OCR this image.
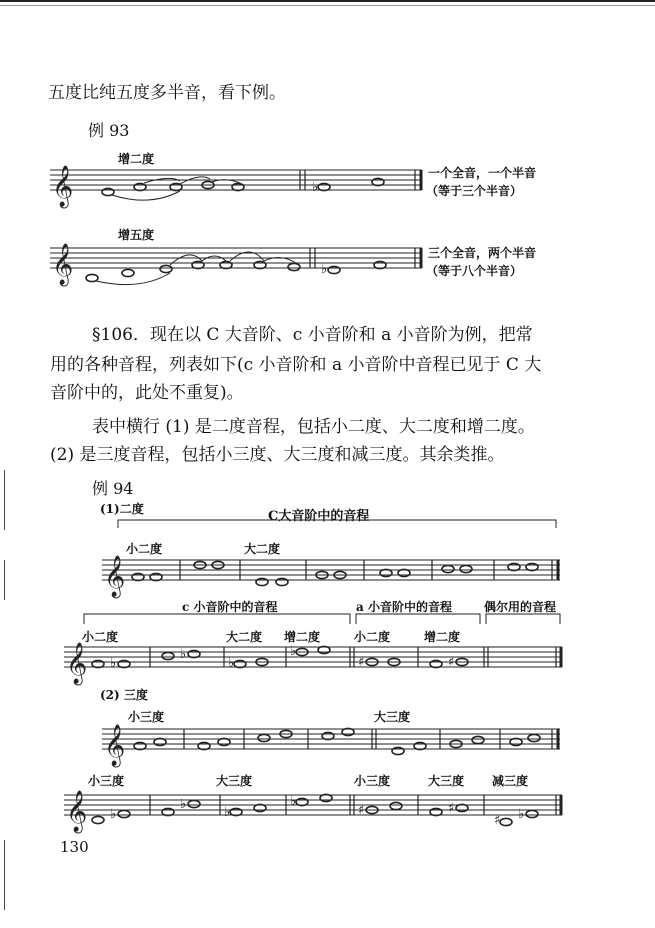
五度比纯五度多半音，看下例。
例 93
增二度
𝄞	♭
一个全音，一个半音
（等于三个半音）
增五度
𝄞	♭
三个全音，两个半音
（等于八个半音）
§106．现在以 C 大音阶、c 小音阶和 a 小音阶为例，把常
用的各种音程，列表如下(c 小音阶和 a 小音阶中音程已见于 C 大
音阶中的，此处不重复)。
表中横行 (1) 是二度音程，包括小二度、大二度和增二度。
(2) 是三度音程，包括小三度、大三度和减三度。其余类推。
例 94
(1)二度	C大音阶中的音程
小二度	大二度
𝄞
c 小音阶中的音程	a 小音阶中的音程	偶尔用的音程
小二度	大二度 增二度	小二度	增二度
𝄞 ♭
♭
♭
♭
♯	♯
(2) 三度
小三度	大三度
𝄞
小三度	大三度	小三度	大三度 减三度
𝄞 ♭
♭
♭
♭
♯	♯
♯ ♭
130
